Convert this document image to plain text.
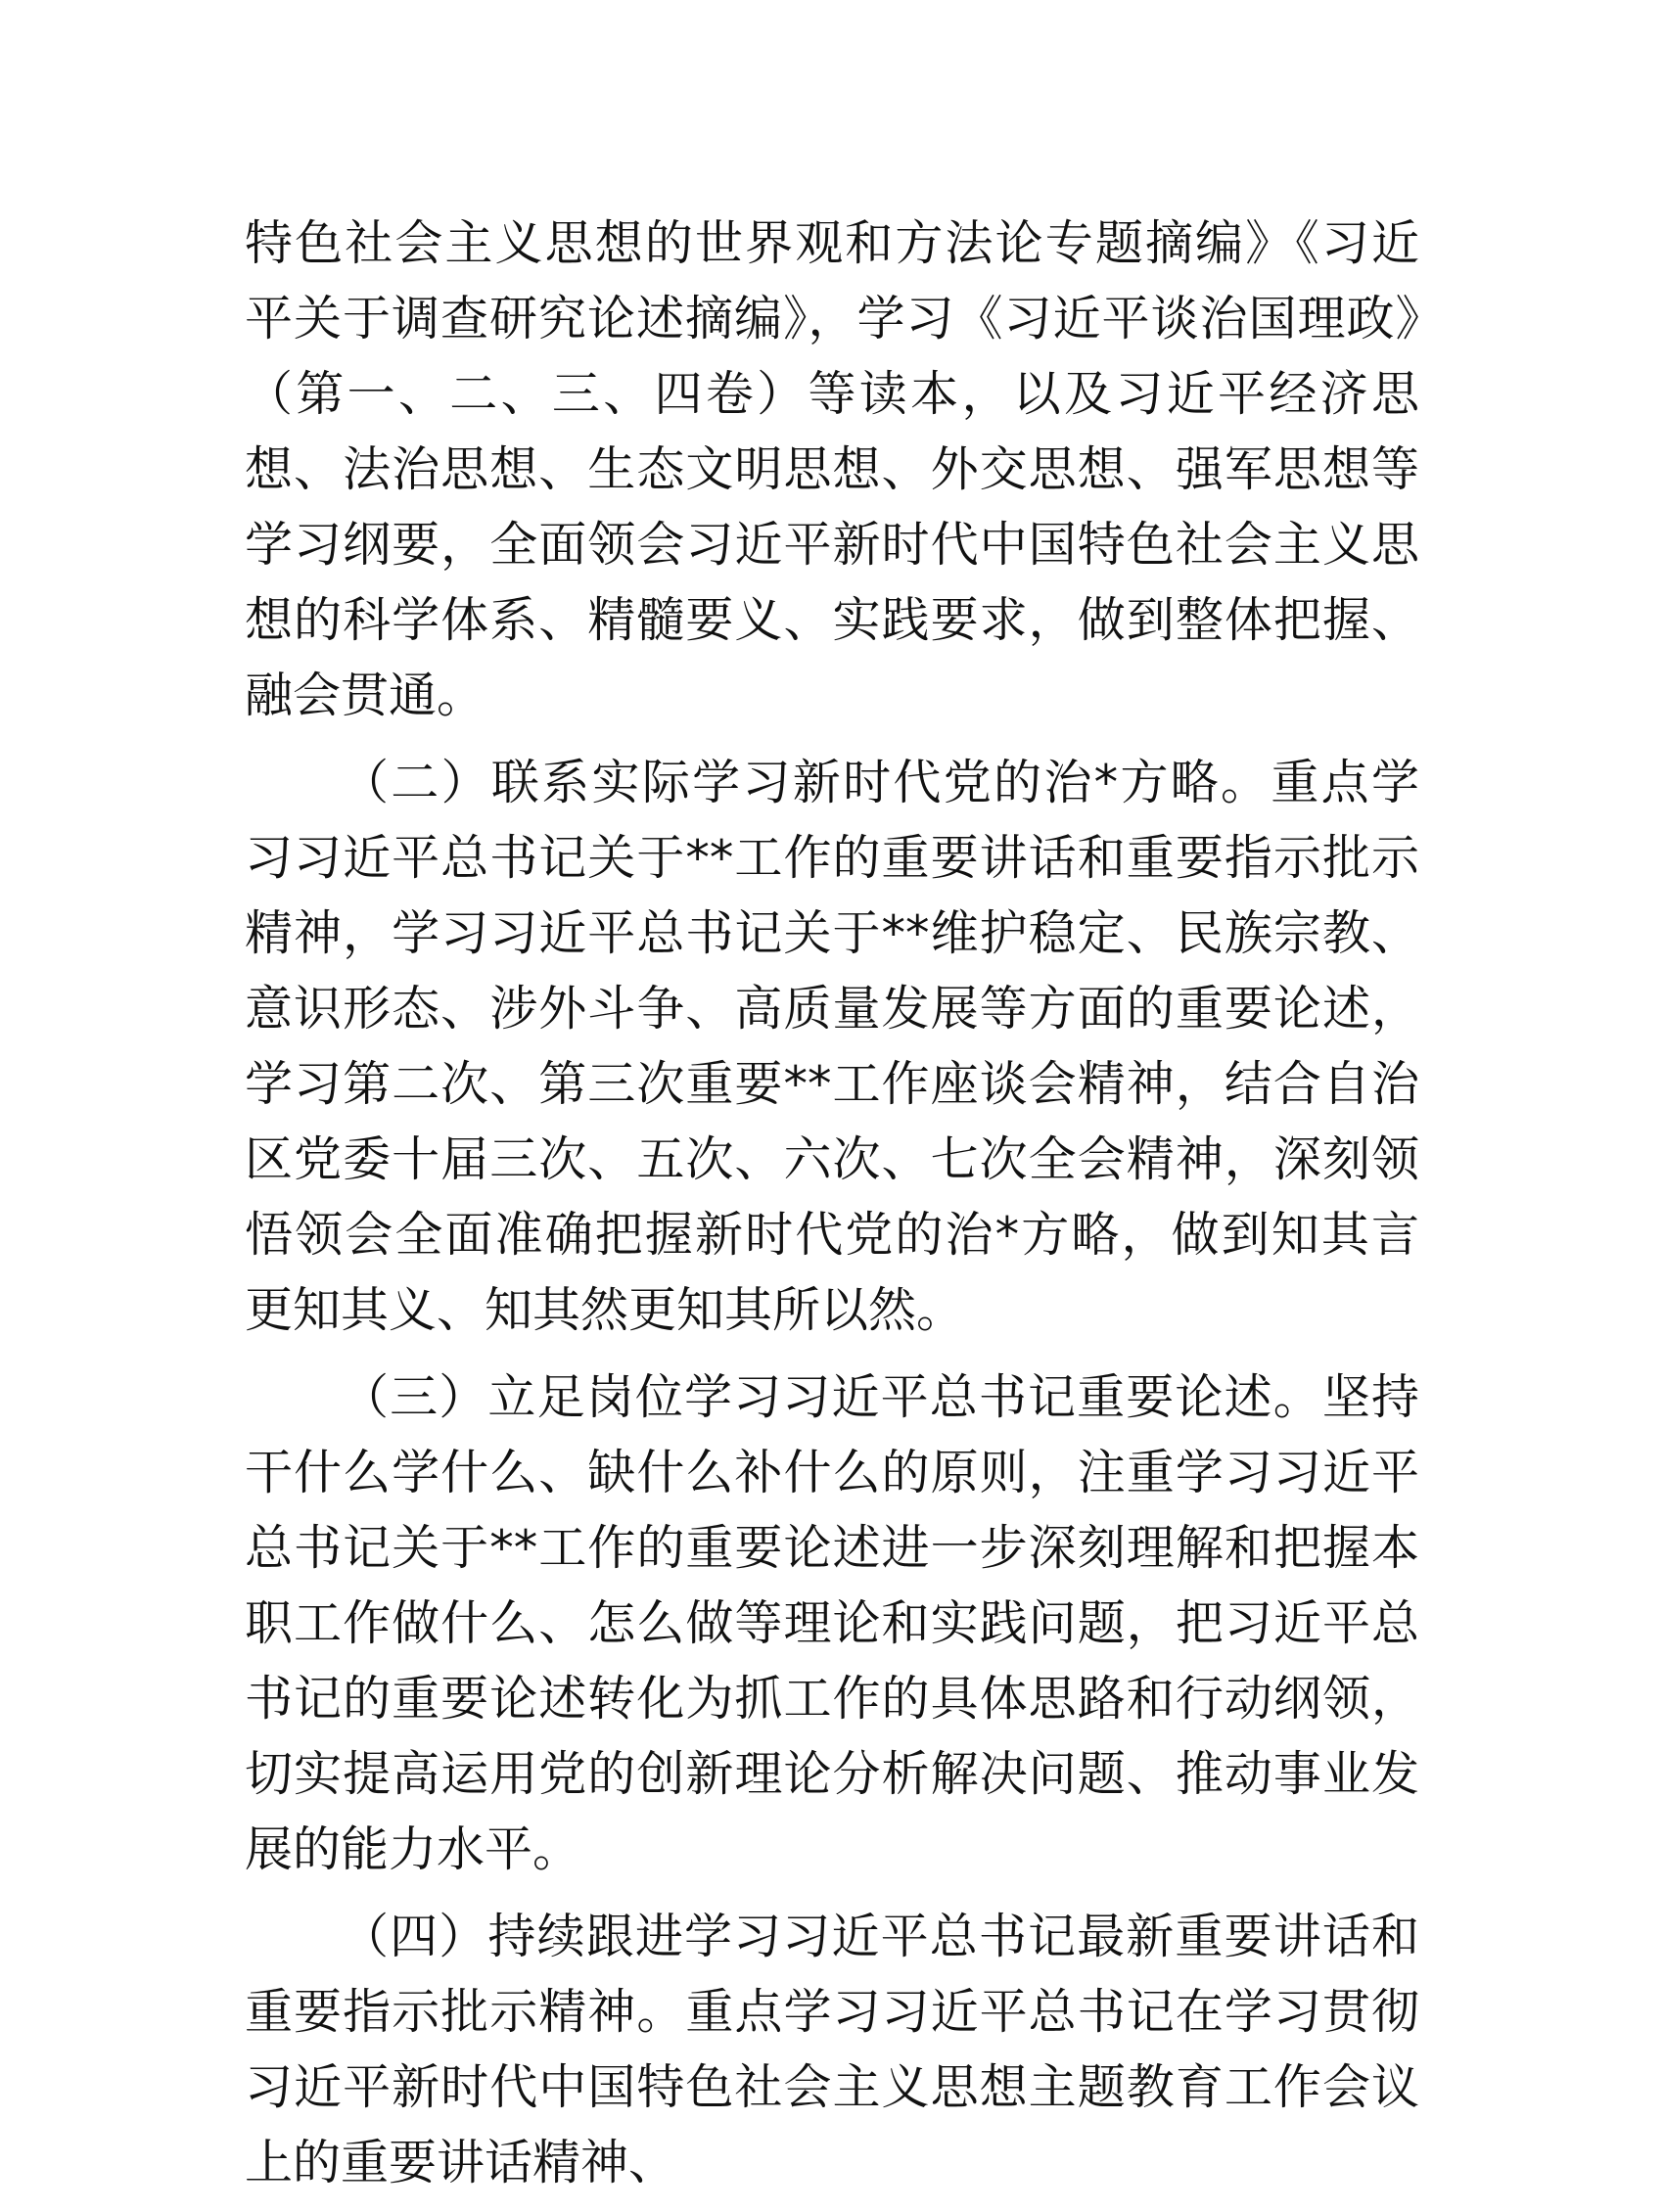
特色社会主义思想的世界观和方法论专题摘编》《习近平关于调查研究论述摘编》，学习《习近平谈治国理政》（第一、二、三、四卷）等读本，以及习近平经济思想、法治思想、生态文明思想、外交思想、强军思想等学习纲要，全面领会习近平新时代中国特色社会主义思想的科学体系、精髓要义、实践要求，做到整体把握、融会贯通。

（二）联系实际学习新时代党的治*方略。重点学习习近平总书记关于**工作的重要讲话和重要指示批示精神，学习习近平总书记关于**维护稳定、民族宗教、意识形态、涉外斗争、高质量发展等方面的重要论述，学习第二次、第三次重要**工作座谈会精神，结合自治区党委十届三次、五次、六次、七次全会精神，深刻领悟领会全面准确把握新时代党的治*方略，做到知其言更知其义、知其然更知其所以然。

（三）立足岗位学习习近平总书记重要论述。坚持干什么学什么、缺什么补什么的原则，注重学习习近平总书记关于**工作的重要论述进一步深刻理解和把握本职工作做什么、怎么做等理论和实践问题，把习近平总书记的重要论述转化为抓工作的具体思路和行动纲领，切实提高运用党的创新理论分析解决问题、推动事业发展的能力水平。

（四）持续跟进学习习近平总书记最新重要讲话和重要指示批示精神。重点学习习近平总书记在学习贯彻习近平新时代中国特色社会主义思想主题教育工作会议上的重要讲话精神、
